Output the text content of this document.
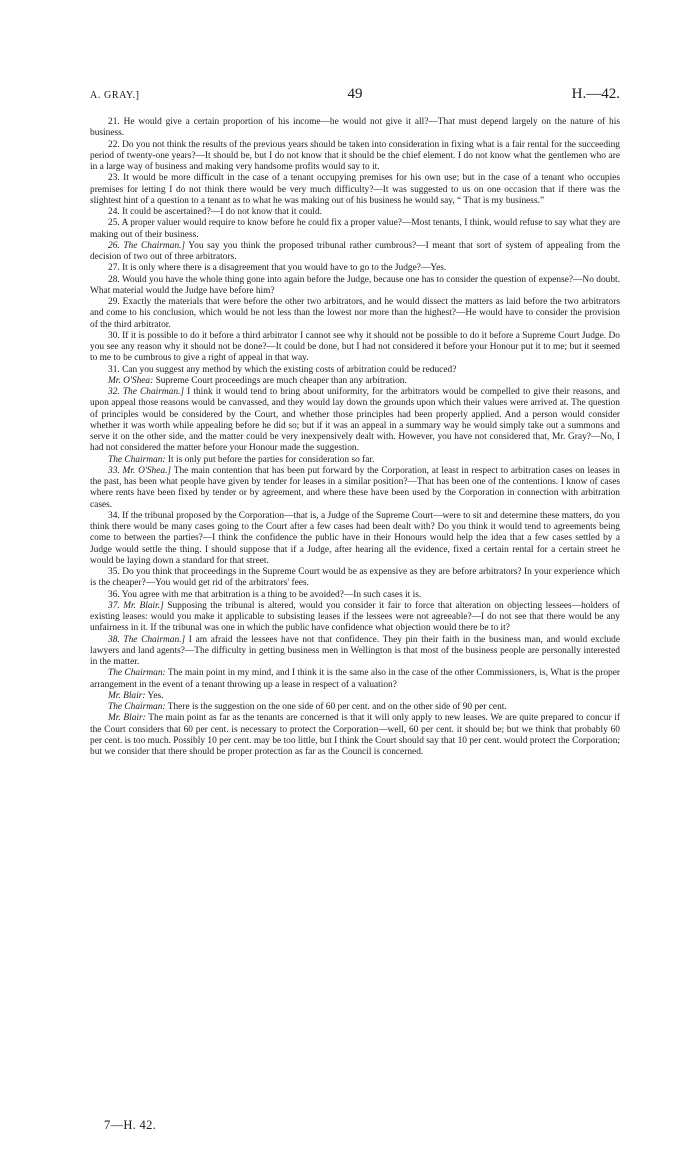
A. GRAY.]	49	H.—42.

21. He would give a certain proportion of his income—he would not give it all?—That must depend largely on the nature of his business.

22. Do you not think the results of the previous years should be taken into consideration in fixing what is a fair rental for the succeeding period of twenty-one years?—It should be, but I do not know that it should be the chief element. I do not know what the gentlemen who are in a large way of business and making very handsome profits would say to it.

23. It would be more difficult in the case of a tenant occupying premises for his own use; but in the case of a tenant who occupies premises for letting I do not think there would be very much difficulty?—It was suggested to us on one occasion that if there was the slightest hint of a question to a tenant as to what he was making out of his business he would say, “ That is my business.”

24. It could be ascertained?—I do not know that it could.

25. A proper valuer would require to know before he could fix a proper value?—Most tenants, I think, would refuse to say what they are making out of their business.

26. The Chairman.] You say you think the proposed tribunal rather cumbrous?—I meant that sort of system of appealing from the decision of two out of three arbitrators.

27. It is only where there is a disagreement that you would have to go to the Judge?—Yes.

28. Would you have the whole thing gone into again before the Judge, because one has to consider the question of expense?—No doubt. What material would the Judge have before him?

29. Exactly the materials that were before the other two arbitrators, and he would dissect the matters as laid before the two arbitrators and come to his conclusion, which would be not less than the lowest nor more than the highest?—He would have to consider the provision of the third arbitrator.

30. If it is possible to do it before a third arbitrator I cannot see why it should not be possible to do it before a Supreme Court Judge. Do you see any reason why it should not be done?—It could be done, but I had not considered it before your Honour put it to me; but it seemed to me to be cumbrous to give a right of appeal in that way.

31. Can you suggest any method by which the existing costs of arbitration could be reduced?

Mr. O'Shea: Supreme Court proceedings are much cheaper than any arbitration.

32. The Chairman.] I think it would tend to bring about uniformity, for the arbitrators would be compelled to give their reasons, and upon appeal those reasons would be canvassed, and they would lay down the grounds upon which their values were arrived at. The question of principles would be considered by the Court, and whether those principles had been properly applied. And a person would consider whether it was worth while appealing before he did so; but if it was an appeal in a summary way he would simply take out a summons and serve it on the other side, and the matter could be very inexpensively dealt with. However, you have not considered that, Mr. Gray?—No, I had not considered the matter before your Honour made the suggestion.

The Chairman: It is only put before the parties for consideration so far.

33. Mr. O'Shea.] The main contention that has been put forward by the Corporation, at least in respect to arbitration cases on leases in the past, has been what people have given by tender for leases in a similar position?—That has been one of the contentions. I know of cases where rents have been fixed by tender or by agreement, and where these have been used by the Corporation in connection with arbitration cases.

34. If the tribunal proposed by the Corporation—that is, a Judge of the Supreme Court—were to sit and determine these matters, do you think there would be many cases going to the Court after a few cases had been dealt with? Do you think it would tend to agreements being come to between the parties?—I think the confidence the public have in their Honours would help the idea that a few cases settled by a Judge would settle the thing. I should suppose that if a Judge, after hearing all the evidence, fixed a certain rental for a certain street he would be laying down a standard for that street.

35. Do you think that proceedings in the Supreme Court would be as expensive as they are before arbitrators? In your experience which is the cheaper?—You would get rid of the arbitrators' fees.

36. You agree with me that arbitration is a thing to be avoided?—In such cases it is.

37. Mr. Blair.] Supposing the tribunal is altered, would you consider it fair to force that alteration on objecting lessees—holders of existing leases: would you make it applicable to subsisting leases if the lessees were not agreeable?—I do not see that there would be any unfairness in it. If the tribunal was one in which the public have confidence what objection would there be to it?

38. The Chairman.] I am afraid the lessees have not that confidence. They pin their faith in the business man, and would exclude lawyers and land agents?—The difficulty in getting business men in Wellington is that most of the business people are personally interested in the matter.

The Chairman: The main point in my mind, and I think it is the same also in the case of the other Commissioners, is, What is the proper arrangement in the event of a tenant throwing up a lease in respect of a valuation?

Mr. Blair: Yes.

The Chairman: There is the suggestion on the one side of 60 per cent. and on the other side of 90 per cent.

Mr. Blair: The main point as far as the tenants are concerned is that it will only apply to new leases. We are quite prepared to concur if the Court considers that 60 per cent. is necessary to protect the Corporation—well, 60 per cent. it should be; but we think that probably 60 per cent. is too much. Possibly 10 per cent. may be too little, but I think the Court should say that 10 per cent. would protect the Corporation; but we consider that there should be proper protection as far as the Council is concerned.

7—H. 42.
